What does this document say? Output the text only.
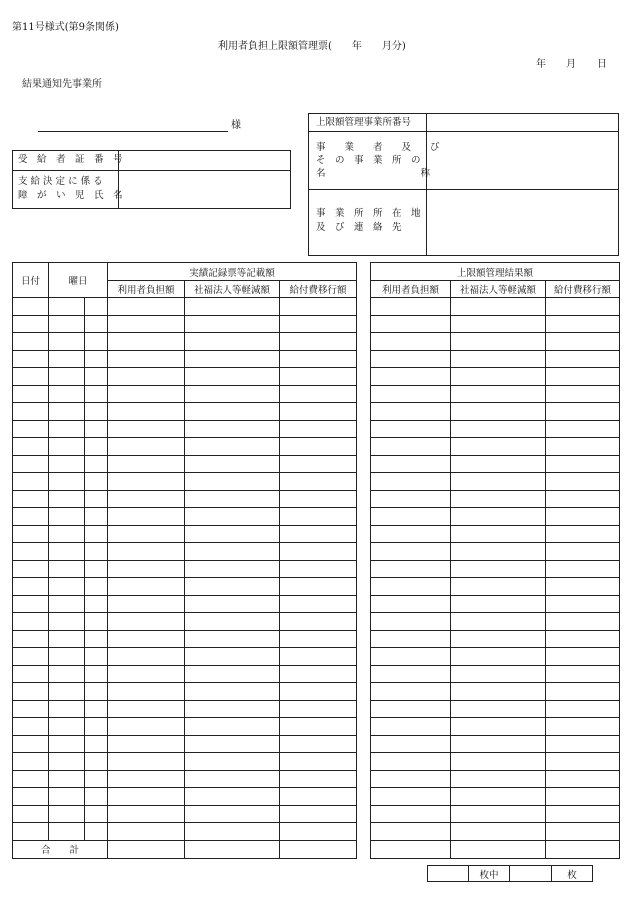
第11号様式(第9条関係)
利用者負担上限額管理票(　　年　　月分)
年 月 日
結果通知先事業所
様
受　給　者　証　番　号
支 給 決 定 に 係 る
障　が　い　児　氏　名
上限額管理事業所番号
事　　業　　者　　及　　び
そ　の　事　業　所　の
名　　　　　　　　　　称
事　業　所　所　在　地
及　び　連　絡　先
日付	曜日		実績記録票等記載額		
			利用者負担額	社福法人等軽減額	給付費移行額

合　　計					
上限額管理結果額		
利用者負担額	社福法人等軽減額	給付費移行額

	枚中		枚
